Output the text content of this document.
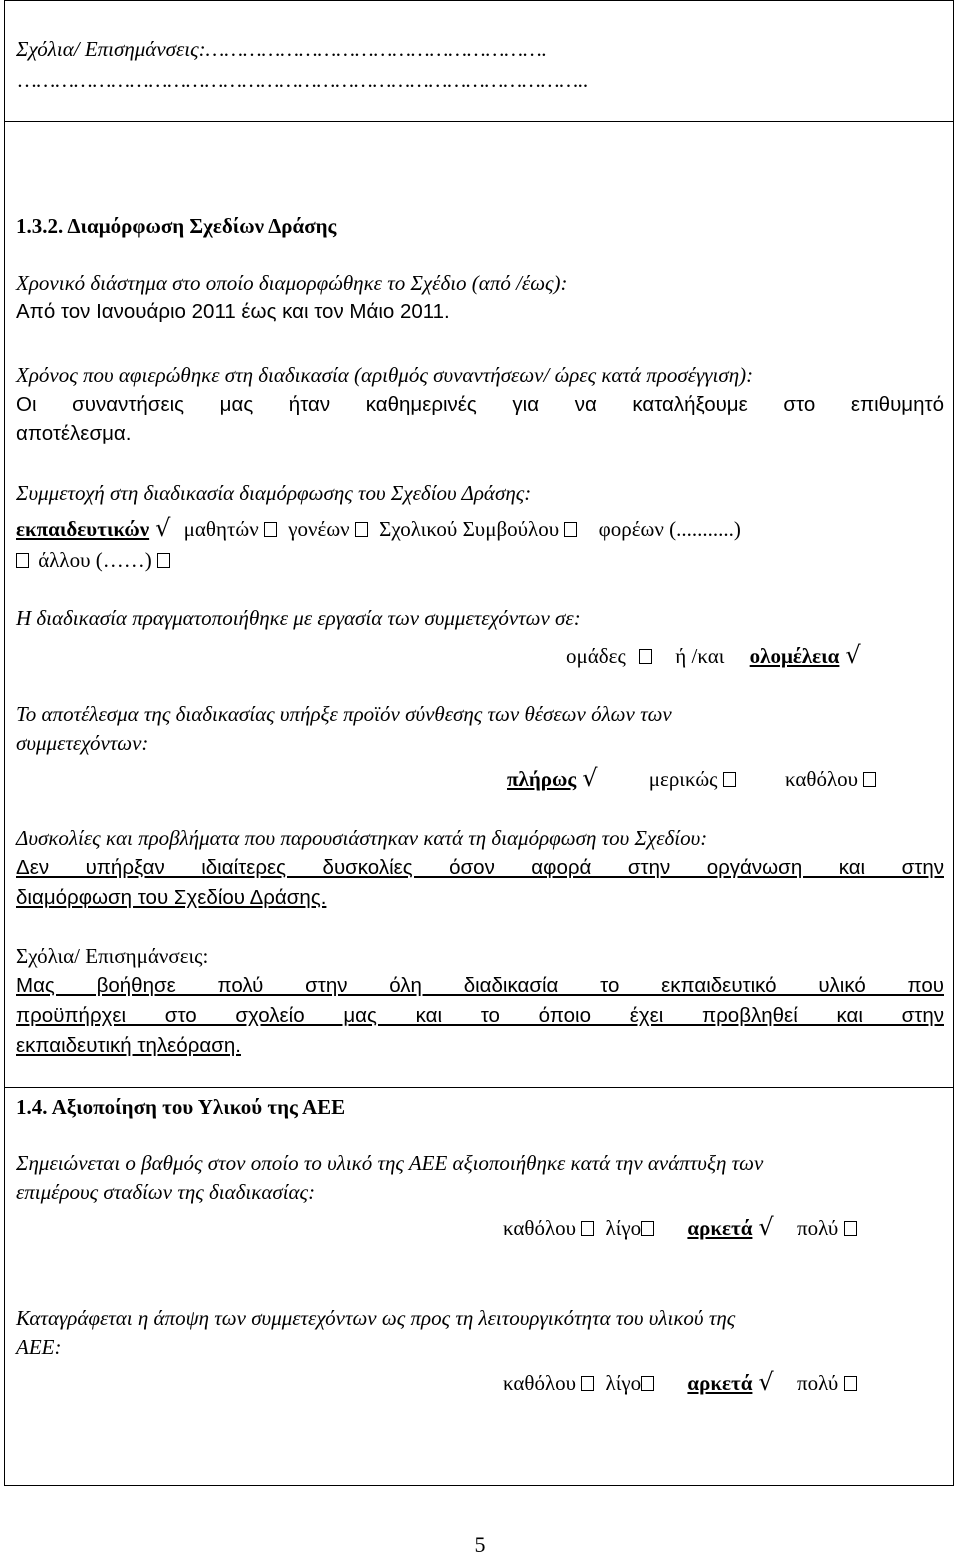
Σχόλια/ Επισημάνσεις:……………………………………………….
………………………………………………………………………………..
1.3.2. Διαμόρφωση Σχεδίων Δράσης
Χρονικό διάστημα στο οποίο διαμορφώθηκε το Σχέδιο (από /έως):
Από τον Ιανουάριο 2011 έως και τον Μάιο 2011.
Χρόνος που αφιερώθηκε στη διαδικασία (αριθμός συναντήσεων/ ώρες κατά προσέγγιση):
Οι συναντήσεις μας ήταν καθημερινές για να καταλήξουμε στο επιθυμητό
αποτέλεσμα.
Συμμετοχή στη διαδικασία διαμόρφωσης του Σχεδίου Δράσης:
εκπαιδευτικών √ μαθητών γονέων Σχολικού Συμβούλου φορέων (...........)
άλλου (……)
Η διαδικασία πραγματοποιήθηκε με εργασία των συμμετεχόντων σε:
ομάδες ή /και ολομέλεια √
Το αποτέλεσμα της διαδικασίας υπήρξε προϊόν σύνθεσης των θέσεων όλων των
συμμετεχόντων:
πλήρως √ μερικώς	καθόλου
Δυσκολίες και προβλήματα που παρουσιάστηκαν κατά τη διαμόρφωση του Σχεδίου:
Δεν υπήρξαν ιδιαίτερες δυσκολίες όσον αφορά στην οργάνωση και στην
διαμόρφωση του Σχεδίου Δράσης.
Σχόλια/ Επισημάνσεις:
Μας βοήθησε πολύ στην όλη διαδικασία το εκπαιδευτικό υλικό που
προϋπήρχει στο σχολείο μας και το όποιο έχει προβληθεί και στην
εκπαιδευτική τηλεόραση.
1.4. Αξιοποίηση του Υλικού της ΑΕΕ
Σημειώνεται ο βαθμός στον οποίο το υλικό της ΑΕΕ αξιοποιήθηκε κατά την ανάπτυξη των
επιμέρους σταδίων της διαδικασίας:
καθόλου λίγο αρκετά √ πολύ
Καταγράφεται η άποψη των συμμετεχόντων ως προς τη λειτουργικότητα του υλικού της
ΑΕΕ:
καθόλου λίγο αρκετά √ πολύ
5
